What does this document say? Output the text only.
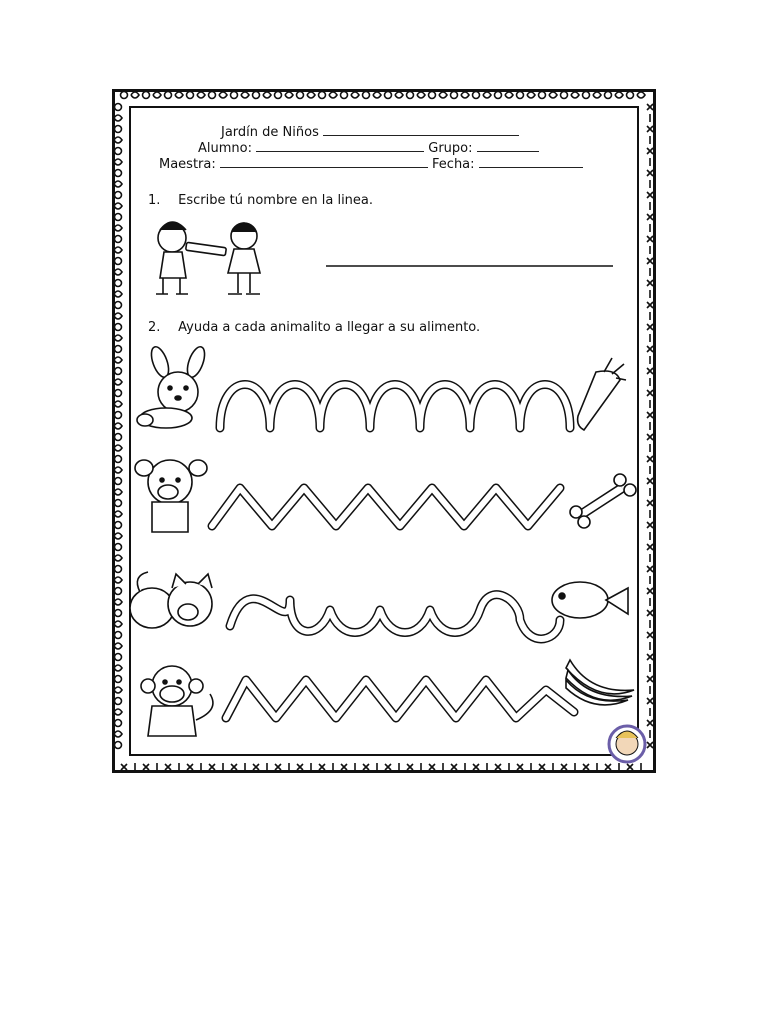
Jardín de Niños
Alumno:	Grupo:
Maestra:	Fecha:
1. Escribe tú nombre en la linea.
2. Ayuda a cada animalito a llegar a su alimento.
